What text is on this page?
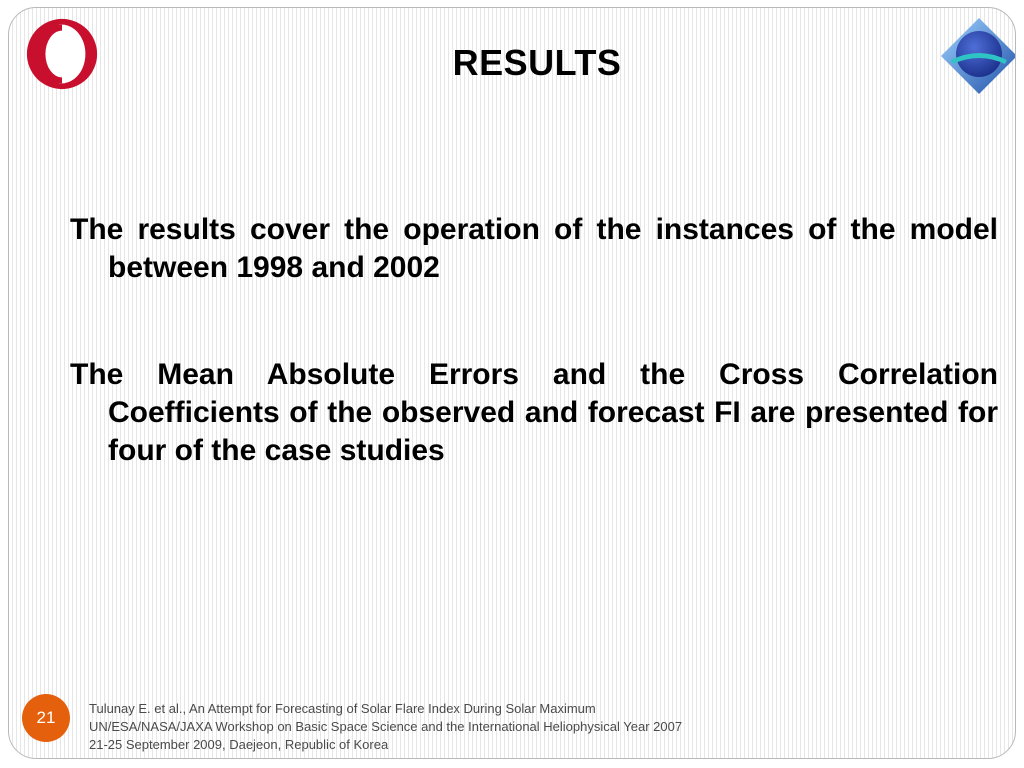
RESULTS

The results cover the operation of the instances of the model between 1998 and 2002

The Mean Absolute Errors and the Cross Correlation Coefficients of the observed and forecast FI are presented for four of the case studies

21	Tulunay E. et al., An Attempt for Forecasting of Solar Flare Index During Solar Maximum
UN/ESA/NASA/JAXA Workshop on Basic Space Science and the International Heliophysical Year 2007
21-25 September 2009, Daejeon, Republic of Korea
